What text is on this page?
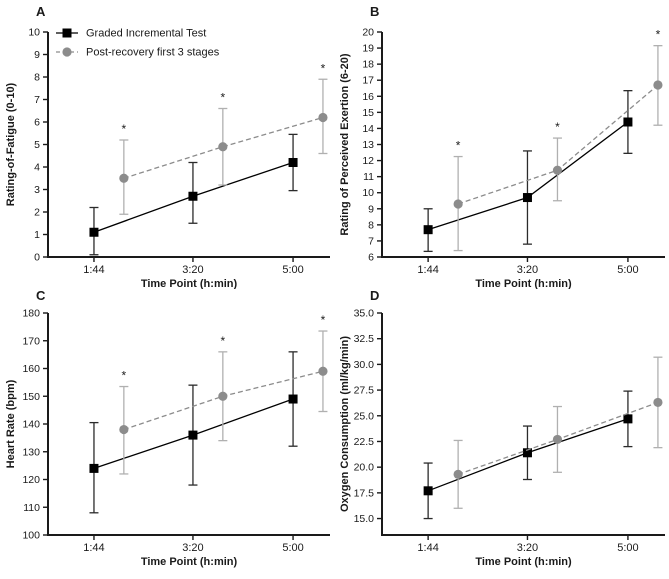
A
0
1
2
3
4
5
6
7
8
9
10
1:44	3:20	5:00
Time Point (h:min)
Rating-of-Fatigue (0-10)	*
*
*
Graded Incremental Test
Post-recovery first 3 stages
B
6
7
8
9
10
11
12
13
14
15
16
17
18
19
20
1:44	3:20	5:00
Time Point (h:min)
Rating of Perceived Exertion (6-20)	*
*
*
C
100
110
120
130
140
150
160
170
180
1:44	3:20	5:00
Time Point (h:min)
Heart Rate (bpm)
*
*
*
D
15.0
17.5
20.0
22.5
25.0
27.5
30.0
32.5
35.0
1:44	3:20	5:00
Time Point (h:min)
Oxygen Consumption (ml/kg/min)
